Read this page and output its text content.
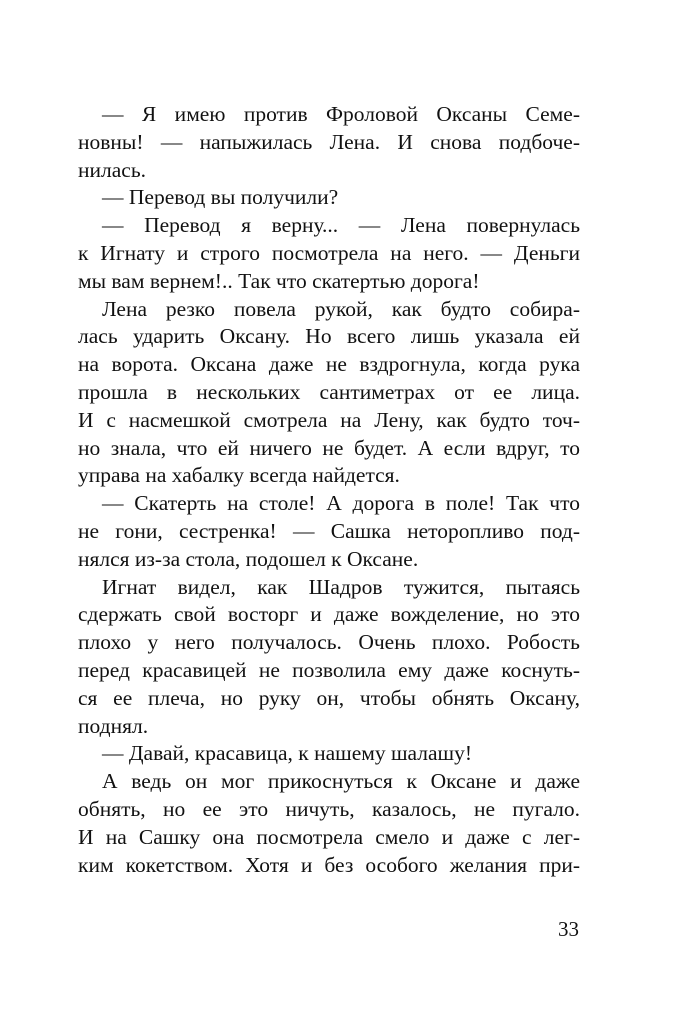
— Я имею против Фроловой Оксаны Семе-
новны! — напыжилась Лена. И снова подбоче-
нилась.
— Перевод вы получили?
— Перевод я верну... — Лена повернулась
к Игнату и строго посмотрела на него. — Деньги
мы вам вернем!.. Так что скатертью дорога!
Лена резко повела рукой, как будто собира-
лась ударить Оксану. Но всего лишь указала ей
на ворота. Оксана даже не вздрогнула, когда рука
прошла в нескольких сантиметрах от ее лица.
И с насмешкой смотрела на Лену, как будто точ-
но знала, что ей ничего не будет. А если вдруг, то
управа на хабалку всегда найдется.
— Скатерть на столе! А дорога в поле! Так что
не гони, сестренка! — Сашка неторопливо под-
нялся из-за стола, подошел к Оксане.
Игнат видел, как Шадров тужится, пытаясь
сдержать свой восторг и даже вожделение, но это
плохо у него получалось. Очень плохо. Робость
перед красавицей не позволила ему даже коснуть-
ся ее плеча, но руку он, чтобы обнять Оксану,
поднял.
— Давай, красавица, к нашему шалашу!
А ведь он мог прикоснуться к Оксане и даже
обнять, но ее это ничуть, казалось, не пугало.
И на Сашку она посмотрела смело и даже с лег-
ким кокетством. Хотя и без особого желания при-
33
